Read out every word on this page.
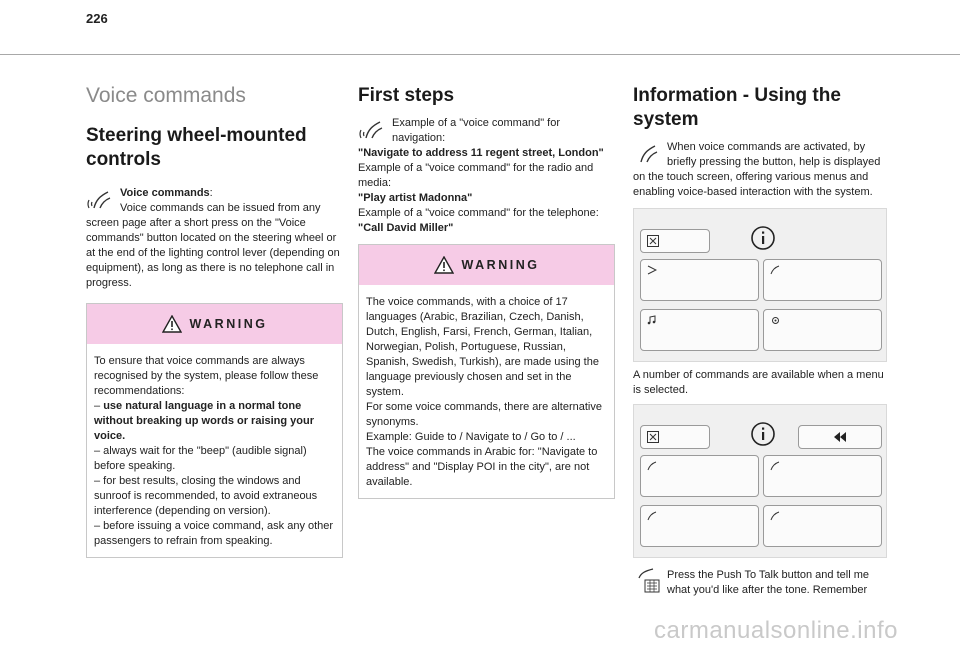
226
Voice commands
Steering wheel-mounted controls

Voice commands:
Voice commands can be issued from any screen page after a short press on the "Voice commands" button located on the steering wheel or at the end of the lighting control lever (depending on equipment), as long as there is no telephone call in progress.

WARNING
To ensure that voice commands are always recognised by the system, please follow these recommendations:
– use natural language in a normal tone without breaking up words or raising your voice.
– always wait for the "beep" (audible signal) before speaking.
– for best results, closing the windows and sunroof is recommended, to avoid extraneous interference (depending on version).
– before issuing a voice command, ask any other passengers to refrain from speaking.
First steps

Example of a "voice command" for navigation:
"Navigate to address 11 regent street, London"
Example of a "voice command" for the radio and media:
"Play artist Madonna"
Example of a "voice command" for the telephone:
"Call David Miller"

WARNING
The voice commands, with a choice of 17 languages (Arabic, Brazilian, Czech, Danish, Dutch, English, Farsi, French, German, Italian, Norwegian, Polish, Portuguese, Russian, Spanish, Swedish, Turkish), are made using the language previously chosen and set in the system.
For some voice commands, there are alternative synonyms.
Example: Guide to / Navigate to / Go to / ...
The voice commands in Arabic for: "Navigate to address" and "Display POI in the city", are not available.
Information - Using the system

When voice commands are activated, by briefly pressing the button, help is displayed on the touch screen, offering various menus and enabling voice-based interaction with the system.

A number of commands are available when a menu is selected.

Press the Push To Talk button and tell me what you'd like after the tone. Remember

carmanualsonline.info
